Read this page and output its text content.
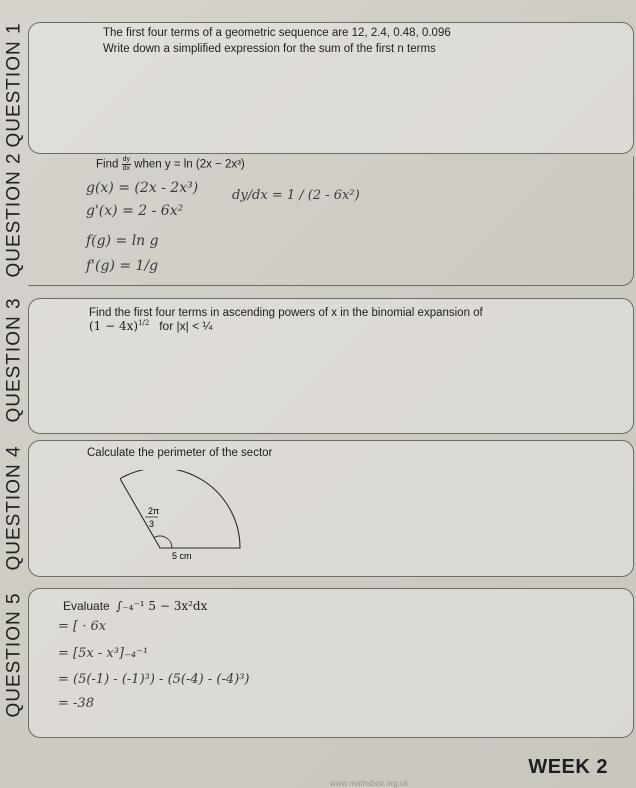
QUESTION 1	The first four terms of a geometric sequence are 12, 2.4, 0.48, 0.096
Write down a simplified expression for the sum of the first n terms
QUESTION 2	Find $\frac{dy}{dx}$ when y = ln (2x − 2x³)
g(x) = (2x - 2x³)
g'(x) = 2 - 6x²
f(g) = ln g
f'(g) = 1/g
dy/dx = 1 / (2 - 6x²)
QUESTION 3	Find the first four terms in ascending powers of x in the binomial expansion of
$(1 - 4x)^{1/2}$ for |x| < ¼
QUESTION 4	Calculate the perimeter of the sector
2π
3
5 cm
QUESTION 5	Evaluate ∫₋₄⁻¹ 5 − 3x²dx
= [ · 6x
= [5x - x³]₋₄⁻¹
= (5(-1) - (-1)³) - (5(-4) - (-4)³)
= -38
WEEK 2
www.mathsbox.org.uk
